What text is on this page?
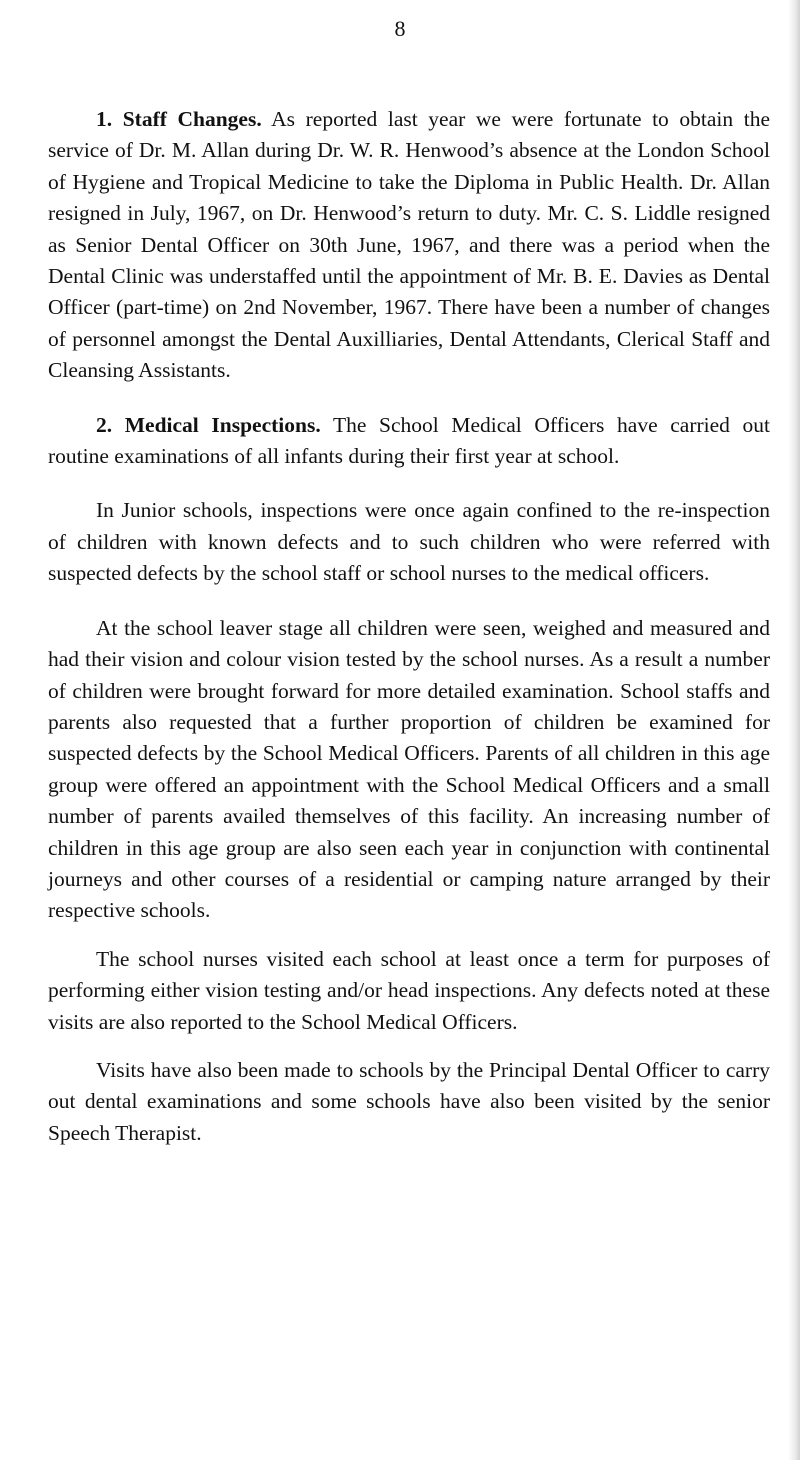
8

1. Staff Changes. As reported last year we were fortunate to obtain the service of Dr. M. Allan during Dr. W. R. Henwood’s absence at the London School of Hygiene and Tropical Medicine to take the Diploma in Public Health. Dr. Allan resigned in July, 1967, on Dr. Henwood’s return to duty. Mr. C. S. Liddle resigned as Senior Dental Officer on 30th June, 1967, and there was a period when the Dental Clinic was understaffed until the appointment of Mr. B. E. Davies as Dental Officer (part-time) on 2nd November, 1967. There have been a number of changes of personnel amongst the Dental Auxilliaries, Dental Attendants, Clerical Staff and Cleansing Assistants.

2. Medical Inspections. The School Medical Officers have carried out routine examinations of all infants during their first year at school.

In Junior schools, inspections were once again confined to the re-inspection of children with known defects and to such children who were referred with suspected defects by the school staff or school nurses to the medical officers.

At the school leaver stage all children were seen, weighed and measured and had their vision and colour vision tested by the school nurses. As a result a number of children were brought forward for more detailed examination. School staffs and parents also requested that a further proportion of children be examined for suspected defects by the School Medical Officers. Parents of all children in this age group were offered an appointment with the School Medical Officers and a small number of parents availed themselves of this facility. An increasing number of children in this age group are also seen each year in conjunction with continental journeys and other courses of a residential or camping nature arranged by their respective schools.

The school nurses visited each school at least once a term for purposes of performing either vision testing and/or head inspections. Any defects noted at these visits are also reported to the School Medical Officers.

Visits have also been made to schools by the Principal Dental Officer to carry out dental examinations and some schools have also been visited by the senior Speech Therapist.
